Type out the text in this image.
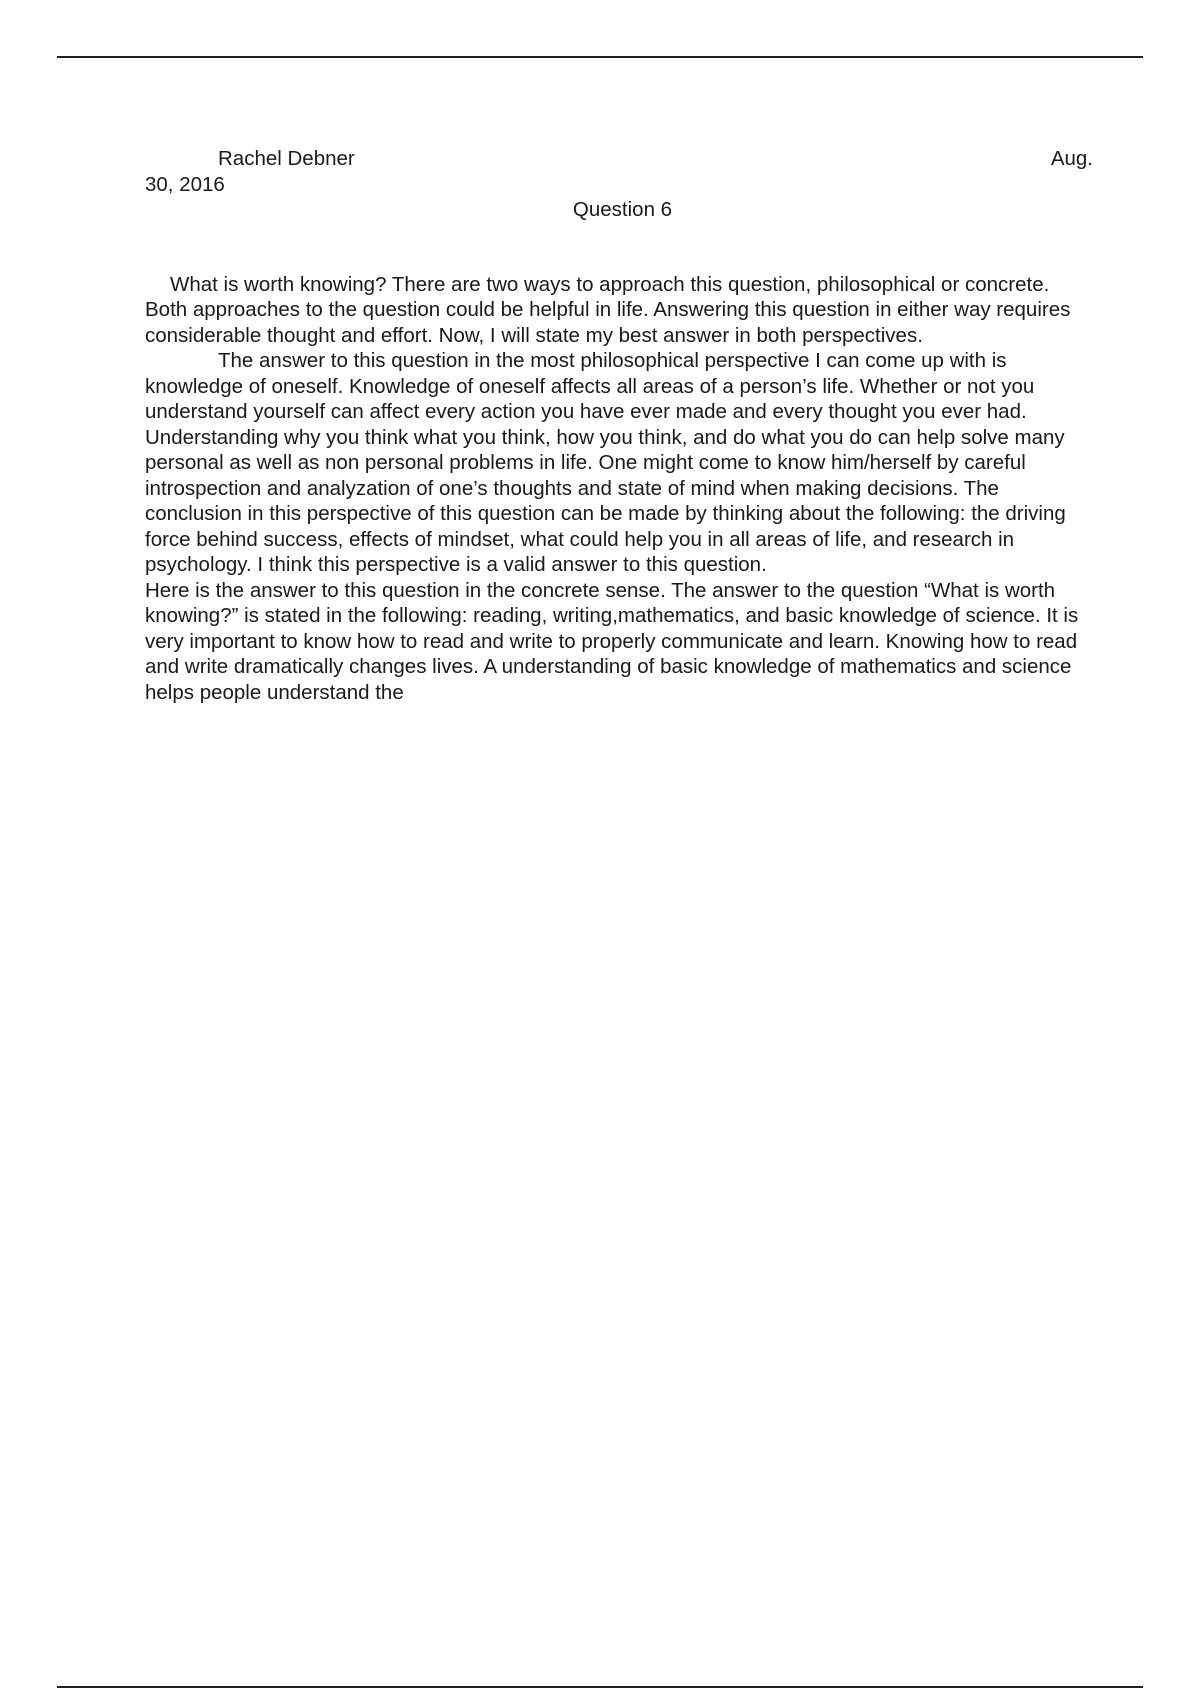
Rachel Debner	Aug.
30, 2016
Question 6

What is worth knowing? There are two ways to approach this question, philosophical or concrete. Both approaches to the question could be helpful in life. Answering this question in either way requires considerable thought and effort. Now, I will state my best answer in both perspectives.

The answer to this question in the most philosophical perspective I can come up with is knowledge of oneself. Knowledge of oneself affects all areas of a person’s life. Whether or not you understand yourself can affect every action you have ever made and every thought you ever had. Understanding why you think what you think, how you think, and do what you do can help solve many personal as well as non personal problems in life. One might come to know him/herself by careful introspection and analyzation of one’s thoughts and state of mind when making decisions. The conclusion in this perspective of this question can be made by thinking about the following: the driving force behind success, effects of mindset, what could help you in all areas of life, and research in psychology. I think this perspective is a valid answer to this question.

Here is the answer to this question in the concrete sense. The answer to the question “What is worth knowing?” is stated in the following: reading, writing,mathematics, and basic knowledge of science. It is very important to know how to read and write to properly communicate and learn. Knowing how to read and write dramatically changes lives. A understanding of basic knowledge of mathematics and science helps people understand the
